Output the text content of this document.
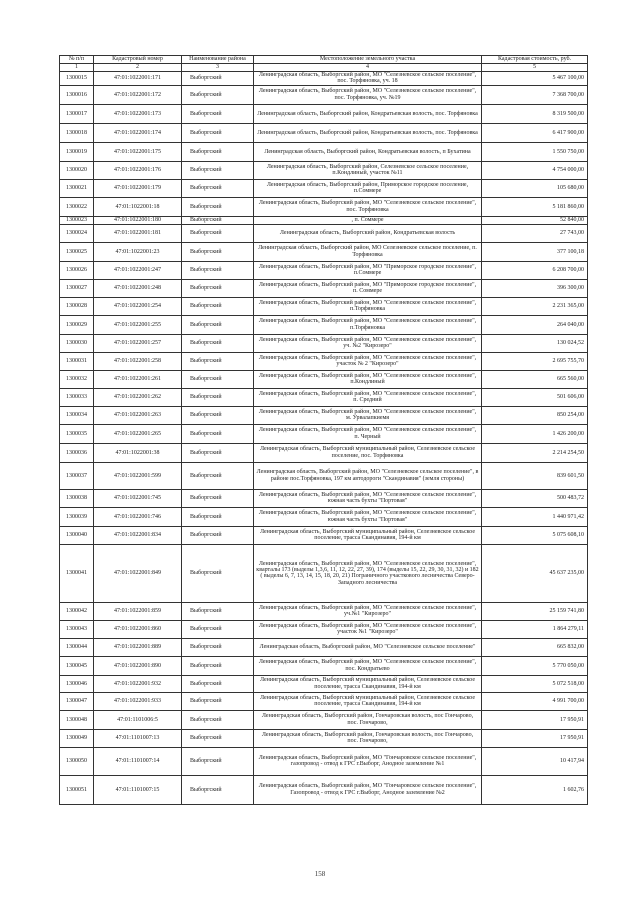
№ п/п	Кадастровый номер	Наименование района	Местоположение земельного участка	Кадастровая стоимость, руб.
1	2	3	4	5
1300015	47:01:1022001:171	Выборгский	Ленинградская область, Выборгский район, МО "Селезневское сельское поселение", пос. Торфяновка, уч. 18	5 467 100,00
1300016	47:01:1022001:172	Выборгский	Ленинградская область, Выборгский район, МО "Селезневское сельское поселение", пос. Торфяновка, уч. №19	7 368 700,00
1300017	47:01:1022001:173	Выборгский	Ленинградская область, Выборгский район, Кондратьевская волость, пос. Торфяновка	8 319 500,00
1300018	47:01:1022001:174	Выборгский	Ленинградская область, Выборгский район, Кондратьевская волость, пос. Торфяновка	6 417 900,00
1300019	47:01:1022001:175	Выборгский	Ленинградская область, Выборгский район, Кондратьевская волость, п Бухатина	1 550 750,00
1300020	47:01:1022001:176	Выборгский	Ленинградская область, Выборгский район, Селезневское сельское поселение, п.Кондлиный, участок №11	4 754 000,00
1300021	47:01:1022001:179	Выборгский	Ленинградская область, Выборгский район, Приморское городское поселение, п.Соммере	105 680,00
1300022	47:01:1022001:18	Выборгский	Ленинградская область, Выборгский район, МО "Селезневское сельское поселение", пос. Торфяновка	5 181 860,00
1300023	47:01:1022001:180	Выборгский	, п. Соммере	52 840,00
1300024	47:01:1022001:181	Выборгский	Ленинградская область, Выборгский район, Кондратьевская волость	27 743,00
1300025	47:01:1022001:23	Выборгский	Ленинградская область, Выборгский район, МО Селезневское сельское поселение, п. Торфяновка	377 100,18
1300026	47:01:1022001:247	Выборгский	Ленинградская область, Выборгский район, МО "Приморское городское поселение", п.Соммере	6 208 700,00
1300027	47:01:1022001:248	Выборгский	Ленинградская область, Выборгский район, МО "Приморское городское поселение", п. Соммере	396 300,00
1300028	47:01:1022001:254	Выборгский	Ленинградская область, Выборгский район, МО "Селезневское сельское поселение", п.Торфяновка	2 231 365,00
1300029	47:01:1022001:255	Выборгский	Ленинградская область, Выборгский район, МО "Селезневское сельское поселение", п.Торфяновка	264 040,00
1300030	47:01:1022001:257	Выборгский	Ленинградская область, Выборгский район, МО "Селезневское сельское поселение", уч. №2 "Кирозеро"	130 024,52
1300031	47:01:1022001:258	Выборгский	Ленинградская область, Выборгский район, МО "Селезневское сельское поселение", участок № 2 "Кирозеро"	2 695 755,70
1300032	47:01:1022001:261	Выборгский	Ленинградская область, Выборгский район, МО "Селезневское сельское поселение", п.Кондлиный	665 560,00
1300033	47:01:1022001:262	Выборгский	Ленинградская область, Выборгский район, МО "Селезневское сельское поселение", п. Средний	501 606,00
1300034	47:01:1022001:263	Выборгский	Ленинградская область, Выборгский район, МО "Селезневское сельское поселение", м. Урвалапкиемя	850 254,00
1300035	47:01:1022001:265	Выборгский	Ленинградская область, Выборгский район, МО "Селезневское сельское поселение", п. Черный	1 426 200,00
1300036	47:01:1022001:38	Выборгский	Ленинградская область, Выборгский муниципальный район, Селезневское сельское поселение, пос. Торфяновка	2 214 254,50
1300037	47:01:1022001:599	Выборгский	Ленинградская область, Выборгский район, МО "Селезневское сельское поселение", в районе пос.Торфяновка, 197 км автодороги "Скандинавия" (земля стороны)	839 601,50
1300038	47:01:1022001:745	Выборгский	Ленинградская область, Выборгский район, МО "Селезневское сельское поселение", южная часть бухты "Портовая"	500 483,72
1300039	47:01:1022001:746	Выборгский	Ленинградская область, Выборгский район, МО "Селезневское сельское поселение", южная часть бухты "Портовая"	1 440 971,42
1300040	47:01:1022001:834	Выборгский	Ленинградская область, Выборгский муниципальный район, Селезневское сельское поселение, трасса Скандинавия, 194-й км	5 075 608,10
1300041	47:01:1022001:849	Выборгский	Ленинградская область, Выборгский район, МО "Селезневское сельское поселение", кварталы 173 (выделы 1,3,6, 11, 12, 22, 27, 39), 174 (выделы 15, 22, 29, 30, 31, 32) и 182 ( выделы 6, 7, 13, 14, 15, 18, 20, 21) Пограничного участкового лесничества Северо-Западного лесничества	45 637 235,00
1300042	47:01:1022001:859	Выборгский	Ленинградская область, Выборгский район, МО "Селезневское сельское поселение", уч.№1 "Кирозеро"	25 159 741,80
1300043	47:01:1022001:860	Выборгский	Ленинградская область, Выборгский район, МО "Селезневское сельское поселение", участок №1 "Кирозеро"	1 864 279,11
1300044	47:01:1022001:889	Выборгский	Ленинградская область, Выборгский район, МО "Селезневское сельское поселение"	665 832,00
1300045	47:01:1022001:890	Выборгский	Ленинградская область, Выборгский район, МО "Селезневское сельское поселение", пос. Кондратьево	5 770 050,00
1300046	47:01:1022001:932	Выборгский	Ленинградская область, Выборгский муниципальный район, Селезневское сельское поселение, трасса Скандинавия, 194-й км	5 072 518,00
1300047	47:01:1022001:933	Выборгский	Ленинградская область, Выборгский муниципальный район, Селезневское сельское поселение, трасса Скандинавия, 194-й км	4 991 700,00
1300048	47:01:1101006:5	Выборгский	Ленинградская область, Выборгский район, Гончаровская волость, пос Гончарово, пос. Гончарово,	17 950,91
1300049	47:01:1101007:13	Выборгский	Ленинградская область, Выборгский район, Гончаровская волость, пос Гончарово, пос. Гончарово,	17 950,91
1300050	47:01:1101007:14	Выборгский	Ленинградская область, Выборгский район, МО "Гончаровское сельское поселение", газопровод - отвод к ГРС г.Выборг, Анодное заземление №1	10 417,94
1300051	47:01:1101007:15	Выборгский	Ленинградская область, Выборгский район, МО "Гончаровское сельское поселение", Газопровод - отвод к ГРС г.Выборг, Анодное заземление №2	1 602,76
158
